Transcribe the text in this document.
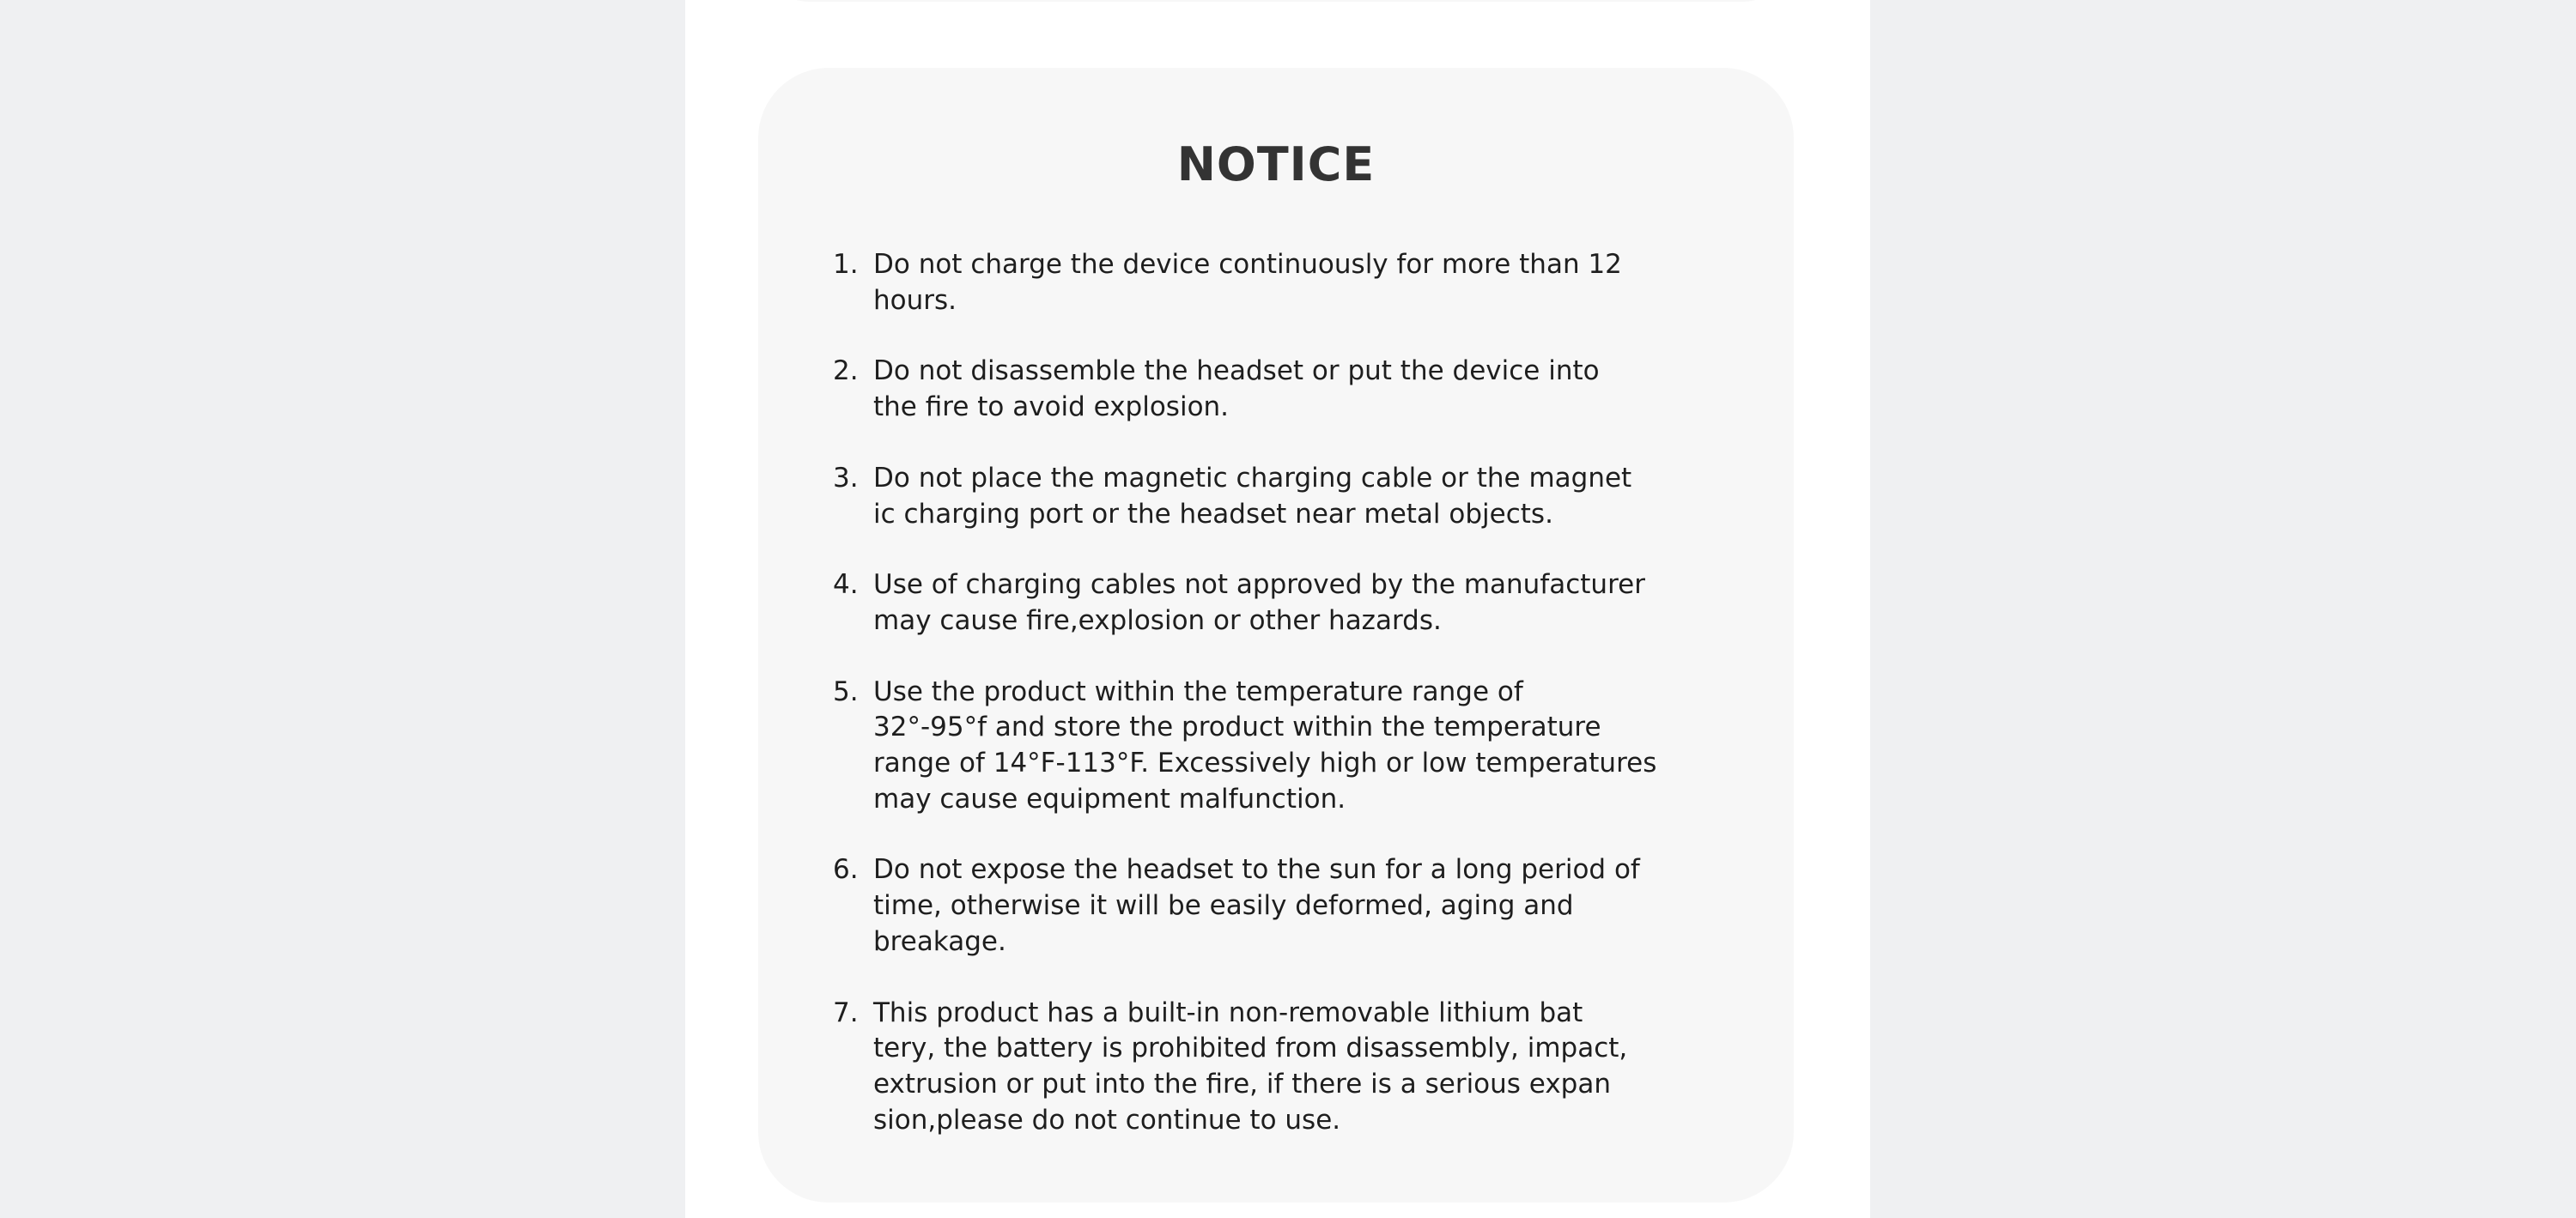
NOTICE
1. Do not charge the device continuously for more than 12
hours.

2. Do not disassemble the headset or put the device into
the fire to avoid explosion.

3. Do not place the magnetic charging cable or the magnet
ic charging port or the headset near metal objects.

4. Use of charging cables not approved by the manufacturer
may cause fire,explosion or other hazards.

5. Use the product within the temperature range of
32°-95°f and store the product within the temperature
range of 14°F-113°F. Excessively high or low temperatures
may cause equipment malfunction.

6. Do not expose the headset to the sun for a long period of
time, otherwise it will be easily deformed, aging and
breakage.

7. This product has a built-in non-removable lithium bat
tery, the battery is prohibited from disassembly, impact,
extrusion or put into the fire, if there is a serious expan
sion,please do not continue to use.
